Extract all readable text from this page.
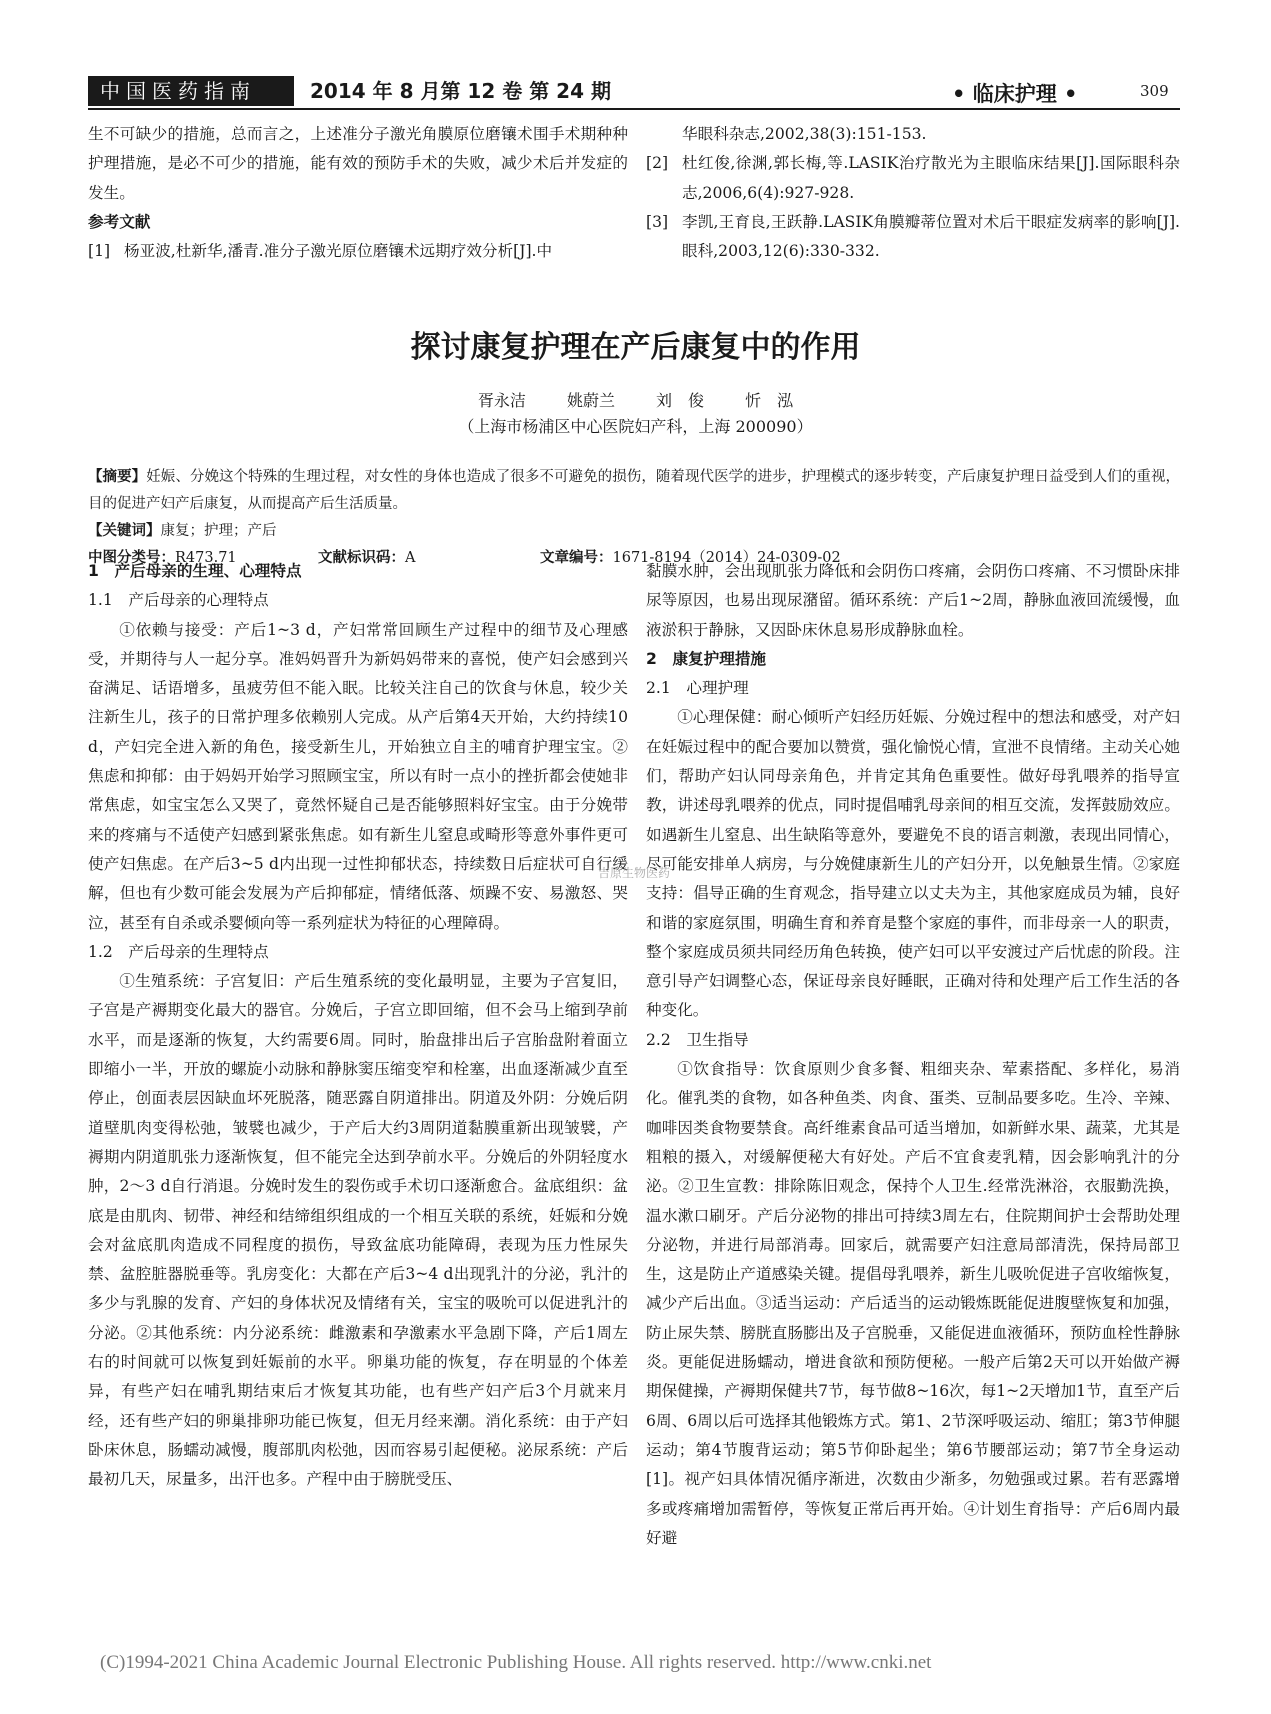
中国医药指南	2014 年 8 月第 12 卷 第 24 期	• 临床护理 •	309

生不可缺少的措施，总而言之，上述准分子激光角膜原位磨镶术围手术期种种护理措施，是必不可少的措施，能有效的预防手术的失败，减少术后并发症的发生。

参考文献

[1] 杨亚波,杜新华,潘青.准分子激光原位磨镶术远期疗效分析[J].中
华眼科杂志,2002,38(3):151-153.
[2] 杜红俊,徐渊,郭长梅,等.LASIK治疗散光为主眼临床结果[J].国际眼科杂志,2006,6(4):927-928.
[3] 李凯,王育良,王跃静.LASIK角膜瓣蒂位置对术后干眼症发病率的影响[J].眼科,2003,12(6):330-332.
探讨康复护理在产后康复中的作用
胥永洁	姚蔚兰	刘　俊	忻　泓
（上海市杨浦区中心医院妇产科，上海 200090）

【摘要】妊娠、分娩这个特殊的生理过程，对女性的身体也造成了很多不可避免的损伤，随着现代医学的进步，护理模式的逐步转变，产后康复护理日益受到人们的重视，目的促进产妇产后康复，从而提高产后生活质量。

【关键词】康复；护理；产后

中图分类号：R473.71	文献标识码：A	文章编号：1671-8194（2014）24-0309-02

1　产后母亲的生理、心理特点

1.1　产后母亲的心理特点

①依赖与接受：产后1~3 d，产妇常常回顾生产过程中的细节及心理感受，并期待与人一起分享。准妈妈晋升为新妈妈带来的喜悦，使产妇会感到兴奋满足、话语增多，虽疲劳但不能入眠。比较关注自己的饮食与休息，较少关注新生儿，孩子的日常护理多依赖别人完成。从产后第4天开始，大约持续10 d，产妇完全进入新的角色，接受新生儿，开始独立自主的哺育护理宝宝。②焦虑和抑郁：由于妈妈开始学习照顾宝宝，所以有时一点小的挫折都会使她非常焦虑，如宝宝怎么又哭了，竟然怀疑自己是否能够照料好宝宝。由于分娩带来的疼痛与不适使产妇感到紧张焦虑。如有新生儿窒息或畸形等意外事件更可使产妇焦虑。在产后3~5 d内出现一过性抑郁状态，持续数日后症状可自行缓解，但也有少数可能会发展为产后抑郁症，情绪低落、烦躁不安、易激怒、哭泣，甚至有自杀或杀婴倾向等一系列症状为特征的心理障碍。

1.2　产后母亲的生理特点

①生殖系统：子宫复旧：产后生殖系统的变化最明显，主要为子宫复旧，子宫是产褥期变化最大的器官。分娩后，子宫立即回缩，但不会马上缩到孕前水平，而是逐渐的恢复，大约需要6周。同时，胎盘排出后子宫胎盘附着面立即缩小一半，开放的螺旋小动脉和静脉窦压缩变窄和栓塞，出血逐渐减少直至停止，创面表层因缺血坏死脱落，随恶露自阴道排出。阴道及外阴：分娩后阴道壁肌肉变得松弛，皱襞也减少，于产后大约3周阴道黏膜重新出现皱襞，产褥期内阴道肌张力逐渐恢复，但不能完全达到孕前水平。分娩后的外阴轻度水肿，2～3 d自行消退。分娩时发生的裂伤或手术切口逐渐愈合。盆底组织：盆底是由肌肉、韧带、神经和结缔组织组成的一个相互关联的系统，妊娠和分娩会对盆底肌肉造成不同程度的损伤，导致盆底功能障碍，表现为压力性尿失禁、盆腔脏器脱垂等。乳房变化：大都在产后3~4 d出现乳汁的分泌，乳汁的多少与乳腺的发育、产妇的身体状况及情绪有关，宝宝的吸吮可以促进乳汁的分泌。②其他系统：内分泌系统：雌激素和孕激素水平急剧下降，产后1周左右的时间就可以恢复到妊娠前的水平。卵巢功能的恢复，存在明显的个体差异，有些产妇在哺乳期结束后才恢复其功能，也有些产妇产后3个月就来月经，还有些产妇的卵巢排卵功能已恢复，但无月经来潮。消化系统：由于产妇卧床休息，肠蠕动减慢，腹部肌肉松弛，因而容易引起便秘。泌尿系统：产后最初几天，尿量多，出汗也多。产程中由于膀胱受压、

黏膜水肿，会出现肌张力降低和会阴伤口疼痛，会阴伤口疼痛、不习惯卧床排尿等原因，也易出现尿潴留。循环系统：产后1~2周，静脉血液回流缓慢，血液淤积于静脉，又因卧床休息易形成静脉血栓。

2　康复护理措施

2.1　心理护理

①心理保健：耐心倾听产妇经历妊娠、分娩过程中的想法和感受，对产妇在妊娠过程中的配合要加以赞赏，强化愉悦心情，宣泄不良情绪。主动关心她们，帮助产妇认同母亲角色，并肯定其角色重要性。做好母乳喂养的指导宣教，讲述母乳喂养的优点，同时提倡哺乳母亲间的相互交流，发挥鼓励效应。如遇新生儿窒息、出生缺陷等意外，要避免不良的语言刺激，表现出同情心，尽可能安排单人病房，与分娩健康新生儿的产妇分开，以免触景生情。②家庭支持：倡导正确的生育观念，指导建立以丈夫为主，其他家庭成员为辅，良好和谐的家庭氛围，明确生育和养育是整个家庭的事件，而非母亲一人的职责，整个家庭成员须共同经历角色转换，使产妇可以平安渡过产后忧虑的阶段。注意引导产妇调整心态，保证母亲良好睡眠，正确对待和处理产后工作生活的各种变化。

2.2　卫生指导

①饮食指导：饮食原则少食多餐、粗细夹杂、荤素搭配、多样化，易消化。催乳类的食物，如各种鱼类、肉食、蛋类、豆制品要多吃。生冷、辛辣、咖啡因类食物要禁食。高纤维素食品可适当增加，如新鲜水果、蔬菜，尤其是粗粮的摄入，对缓解便秘大有好处。产后不宜食麦乳精，因会影响乳汁的分泌。②卫生宣教：排除陈旧观念，保持个人卫生.经常洗淋浴，衣服勤洗换，温水漱口刷牙。产后分泌物的排出可持续3周左右，住院期间护士会帮助处理分泌物，并进行局部消毒。回家后，就需要产妇注意局部清洗，保持局部卫生，这是防止产道感染关键。提倡母乳喂养，新生儿吸吮促进子宫收缩恢复，减少产后出血。③适当运动：产后适当的运动锻炼既能促进腹壁恢复和加强，防止尿失禁、膀胱直肠膨出及子宫脱垂，又能促进血液循环，预防血栓性静脉炎。更能促进肠蠕动，增进食欲和预防便秘。一般产后第2天可以开始做产褥期保健操，产褥期保健共7节，每节做8~16次，每1~2天增加1节，直至产后6周、6周以后可选择其他锻炼方式。第1、2节深呼吸运动、缩肛；第3节伸腿运动；第4节腹背运动；第5节仰卧起坐；第6节腰部运动；第7节全身运动[1]。视产妇具体情况循序渐进，次数由少渐多，勿勉强或过累。若有恶露增多或疼痛增加需暂停，等恢复正常后再开始。④计划生育指导：产后6周内最好避

吉原生物医药
(C)1994-2021 China Academic Journal Electronic Publishing House. All rights reserved. http://www.cnki.net
